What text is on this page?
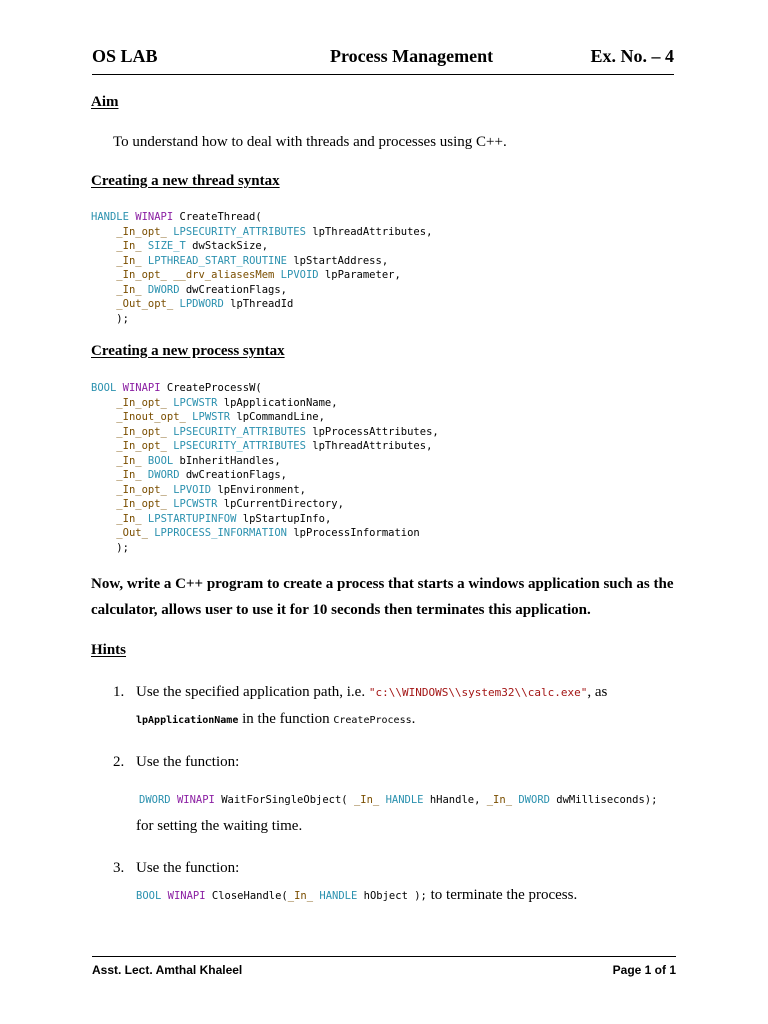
OS LAB	Process Management	Ex. No. – 4
Aim
To understand how to deal with threads and processes using C++.
Creating a new thread syntax
HANDLE WINAPI CreateThread(
_In_opt_ LPSECURITY_ATTRIBUTES lpThreadAttributes,
_In_ SIZE_T dwStackSize,
_In_ LPTHREAD_START_ROUTINE lpStartAddress,
_In_opt_ __drv_aliasesMem LPVOID lpParameter,
_In_ DWORD dwCreationFlags,
_Out_opt_ LPDWORD lpThreadId
);
Creating a new process syntax
BOOL WINAPI CreateProcessW(
_In_opt_ LPCWSTR lpApplicationName,
_Inout_opt_ LPWSTR lpCommandLine,
_In_opt_ LPSECURITY_ATTRIBUTES lpProcessAttributes,
_In_opt_ LPSECURITY_ATTRIBUTES lpThreadAttributes,
_In_ BOOL bInheritHandles,
_In_ DWORD dwCreationFlags,
_In_opt_ LPVOID lpEnvironment,
_In_opt_ LPCWSTR lpCurrentDirectory,
_In_ LPSTARTUPINFOW lpStartupInfo,
_Out_ LPPROCESS_INFORMATION lpProcessInformation
);
Now, write a C++ program to create a process that starts a windows application such as the
calculator, allows user to use it for 10 seconds then terminates this application.
Hints
1. Use the specified application path, i.e. "c:\\WINDOWS\\system32\\calc.exe", as
lpApplicationName in the function CreateProcess.
2. Use the function:
DWORD WINAPI WaitForSingleObject( _In_ HANDLE hHandle, _In_ DWORD dwMilliseconds);
for setting the waiting time.
3. Use the function:
BOOL WINAPI CloseHandle(_In_ HANDLE hObject ); to terminate the process.
Asst. Lect. Amthal Khaleel	Page 1 of 1
